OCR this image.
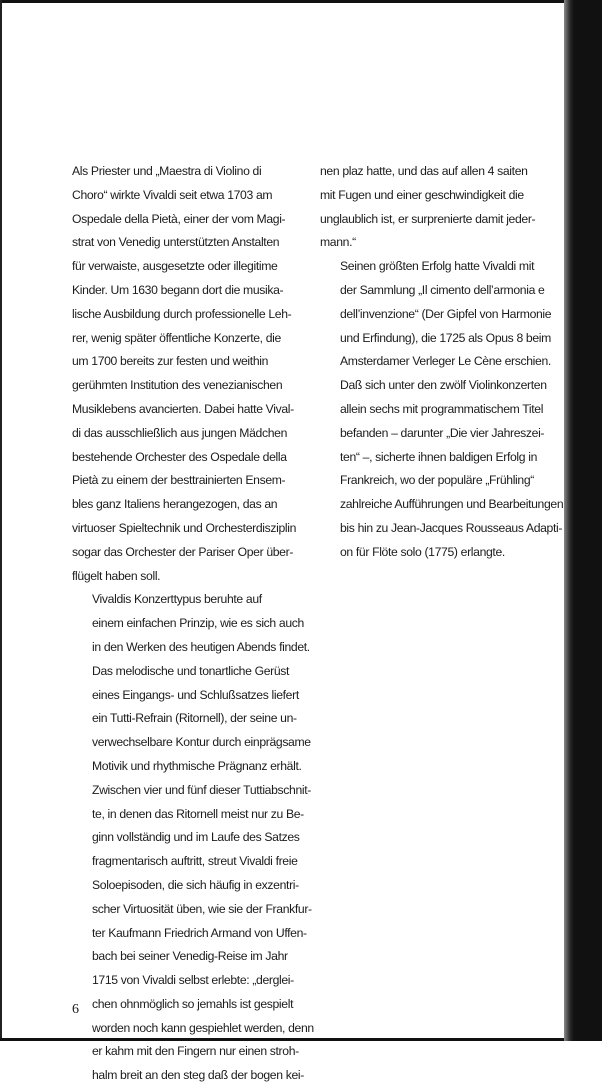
Als Priester und „Maestra di Violino di
Choro“ wirkte Vivaldi seit etwa 1703 am
Ospedale della Pietà, einer der vom Magi-
strat von Venedig unterstützten Anstalten
für verwaiste, ausgesetzte oder illegitime
Kinder. Um 1630 begann dort die musika-
lische Ausbildung durch professionelle Leh-
rer, wenig später öffentliche Konzerte, die
um 1700 bereits zur festen und weithin
gerühmten Institution des venezianischen
Musiklebens avancierten. Dabei hatte Vival-
di das ausschließlich aus jungen Mädchen
bestehende Orchester des Ospedale della
Pietà zu einem der besttrainierten Ensem-
bles ganz Italiens herangezogen, das an
virtuoser Spieltechnik und Orchesterdisziplin
sogar das Orchester der Pariser Oper über-
flügelt haben soll.

Vivaldis Konzerttypus beruhte auf
einem einfachen Prinzip, wie es sich auch
in den Werken des heutigen Abends findet.
Das melodische und tonartliche Gerüst
eines Eingangs- und Schlußsatzes liefert
ein Tutti-Refrain (Ritornell), der seine un-
verwechselbare Kontur durch einprägsame
Motivik und rhythmische Prägnanz erhält.
Zwischen vier und fünf dieser Tuttiabschnit-
te, in denen das Ritornell meist nur zu Be-
ginn vollständig und im Laufe des Satzes
fragmentarisch auftritt, streut Vivaldi freie
Soloepisoden, die sich häufig in exzentri-
scher Virtuosität üben, wie sie der Frankfur-
ter Kaufmann Friedrich Armand von Uffen-
bach bei seiner Venedig-Reise im Jahr
1715 von Vivaldi selbst erlebte: „derglei-
chen ohnmöglich so jemahls ist gespielt
worden noch kann gespiehlet werden, denn
er kahm mit den Fingern nur einen stroh-
halm breit an den steg daß der bogen kei-

nen plaz hatte, und das auf allen 4 saiten
mit Fugen und einer geschwindigkeit die
unglaublich ist, er surprenierte damit jeder-
mann.“

Seinen größten Erfolg hatte Vivaldi mit
der Sammlung „Il cimento dell’armonia e
dell’invenzione“ (Der Gipfel von Harmonie
und Erfindung), die 1725 als Opus 8 beim
Amsterdamer Verleger Le Cène erschien.
Daß sich unter den zwölf Violinkonzerten
allein sechs mit programmatischem Titel
befanden – darunter „Die vier Jahreszei-
ten“ –, sicherte ihnen baldigen Erfolg in
Frankreich, wo der populäre „Frühling“
zahlreiche Aufführungen und Bearbeitungen
bis hin zu Jean-Jacques Rousseaus Adapti-
on für Flöte solo (1775) erlangte.

6
